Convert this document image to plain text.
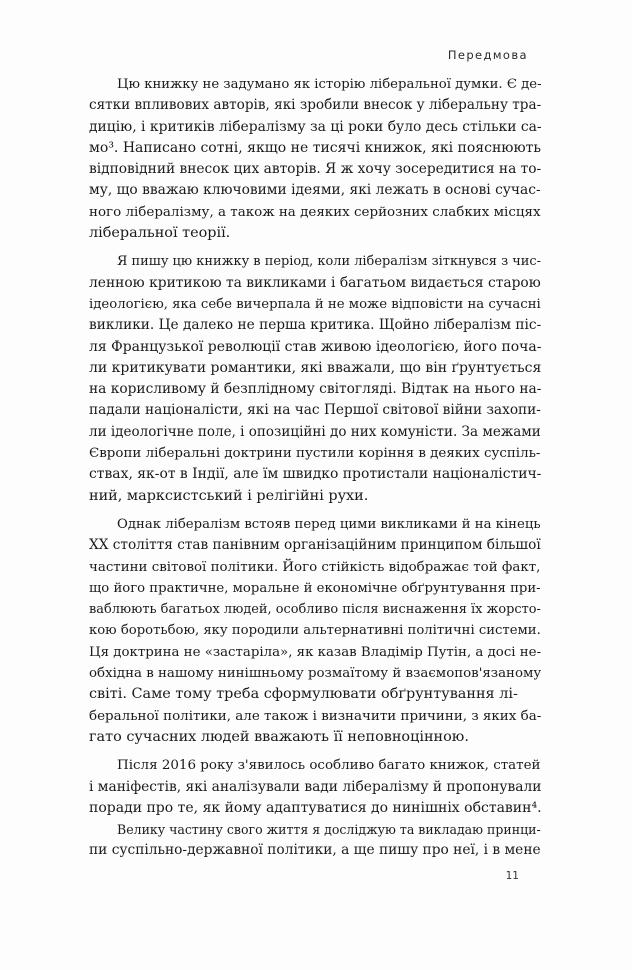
Передмова
Цю книжку не задумано як історію ліберальної думки. Є де-
сятки впливових авторів, які зробили внесок у ліберальну тра-
дицію, і критиків лібералізму за ці роки було десь стільки са-
мо³. Написано сотні, якщо не тисячі книжок, які пояснюють
відповідний внесок цих авторів. Я ж хочу зосередитися на то-
му, що вважаю ключовими ідеями, які лежать в основі сучас-
ного лібералізму, а також на деяких серйозних слабких місцях
ліберальної теорії.
Я пишу цю книжку в період, коли лібералізм зіткнувся з чис-
ленною критикою та викликами і багатьом видається старою
ідеологією, яка себе вичерпала й не може відповісти на сучасні
виклики. Це далеко не перша критика. Щойно лібералізм піс-
ля Французької революції став живою ідеологією, його поча-
ли критикувати романтики, які вважали, що він ґрунтується
на корисливому й безплідному світогляді. Відтак на нього на-
падали націоналісти, які на час Першої світової війни захопи-
ли ідеологічне поле, і опозиційні до них комуністи. За межами
Європи ліберальні доктрини пустили коріння в деяких суспіль-
ствах, як-от в Індії, але їм швидко протистали націоналістич-
ний, марксистський і релігійні рухи.
Однак лібералізм встояв перед цими викликами й на кінець
XX століття став панівним організаційним принципом більшої
частини світової політики. Його стійкість відображає той факт,
що його практичне, моральне й економічне обґрунтування при-
ваблюють багатьох людей, особливо після виснаження їх жорсто-
кою боротьбою, яку породили альтернативні політичні системи.
Ця доктрина не «застаріла», як казав Владімір Путін, а досі не-
обхідна в нашому нинішньому розмаїтому й взаємопов'язаному
світі. Саме тому треба сформулювати обґрунтування лі-
беральної політики, але також і визначити причини, з яких ба-
гато сучасних людей вважають її неповноцінною.
Після 2016 року з'явилось особливо багато книжок, статей
і маніфестів, які аналізували вади лібералізму й пропонували
поради про те, як йому адаптуватися до нинішніх обставин⁴.
Велику частину свого життя я досліджую та викладаю принци-
пи суспільно-державної політики, а ще пишу про неї, і в мене
11
